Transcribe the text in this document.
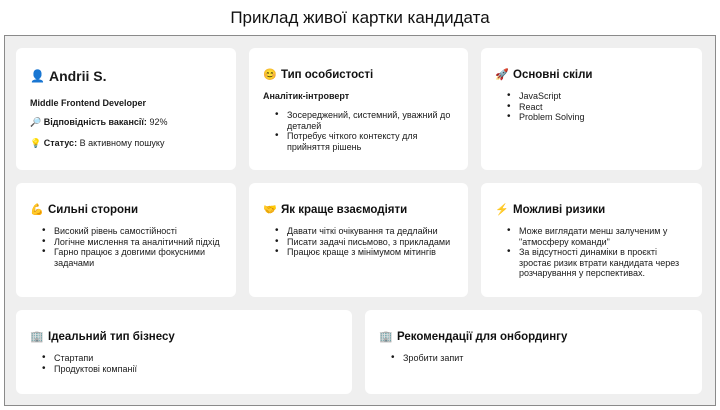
Приклад живої картки кандидата
👤 Andrii S.
Middle Frontend Developer
🔎 Відповідність вакансії: 92%
💡 Статус: В активному пошуку
😊 Тип особистості
Аналітик-інтроверт
• Зосереджений, системний, уважний до деталей
• Потребує чіткого контексту для прийняття рішень
🚀 Основні скіли
• JavaScript
• React
• Problem Solving
💪 Сильні сторони
• Високий рівень самостійності
• Логічне мислення та аналітичний підхід
• Гарно працює з довгими фокусними задачами
🤝 Як краще взаємодіяти
• Давати чіткі очікування та дедлайни
• Писати задачі письмово, з прикладами
• Працює краще з мінімумом мітингів
⚡ Можливі ризики
• Може виглядати менш залученим у "атмосферу команди"
• За відсутності динаміки в проєкті зростає ризик втрати кандидата через розчарування у перспективах.
🏢 Ідеальний тип бізнесу
• Стартапи
• Продуктові компанії
🏢 Рекомендації для онбордингу
• Зробити запит
